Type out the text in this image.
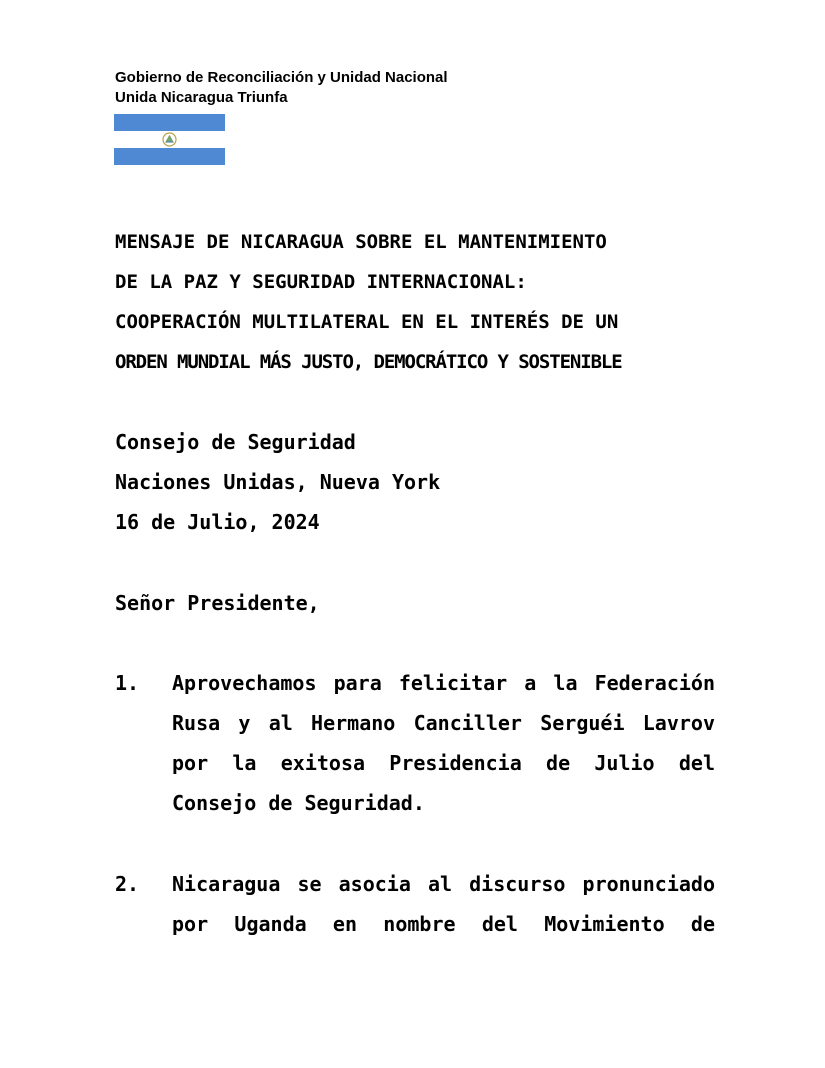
Gobierno de Reconciliación y Unidad Nacional
Unida Nicaragua Triunfa
MENSAJE DE NICARAGUA SOBRE EL MANTENIMIENTO
DE LA PAZ Y SEGURIDAD INTERNACIONAL:
COOPERACIÓN MULTILATERAL EN EL INTERÉS DE UN
ORDEN MUNDIAL MÁS JUSTO, DEMOCRÁTICO Y SOSTENIBLE
Consejo de Seguridad
Naciones Unidas, Nueva York
16 de Julio, 2024
Señor Presidente,
1. Aprovechamos para felicitar a la Federación
Rusa y al Hermano Canciller Serguéi Lavrov
por la exitosa Presidencia de Julio del
Consejo de Seguridad.
2. Nicaragua se asocia al discurso pronunciado
por Uganda en nombre del Movimiento de
